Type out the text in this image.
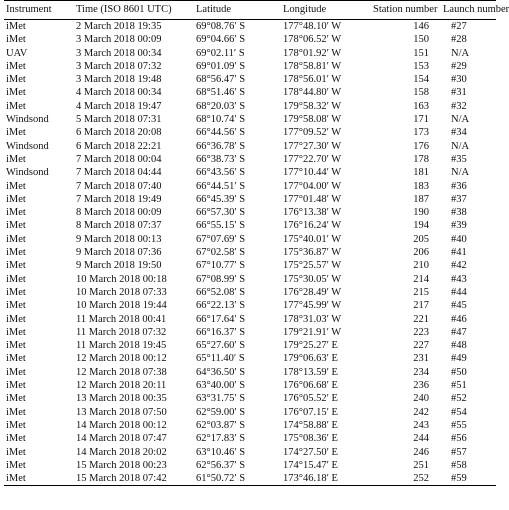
Instrument	Time (ISO 8601 UTC)	Latitude	Longitude	Station number	Launch number
iMet	2 March 2018 19:35	69°08.76′ S	177°48.10′ W	146	#27
iMet	3 March 2018 00:09	69°04.66′ S	178°06.52′ W	150	#28
UAV	3 March 2018 00:34	69°02.11′ S	178°01.92′ W	151	N/A
iMet	3 March 2018 07:32	69°01.09′ S	178°58.81′ W	153	#29
iMet	3 March 2018 19:48	68°56.47′ S	178°56.01′ W	154	#30
iMet	4 March 2018 00:34	68°51.46′ S	178°44.80′ W	158	#31
iMet	4 March 2018 19:47	68°20.03′ S	179°58.32′ W	163	#32
Windsond	5 March 2018 07:31	68°10.74′ S	179°58.08′ W	171	N/A
iMet	6 March 2018 20:08	66°44.56′ S	177°09.52′ W	173	#34
Windsond	6 March 2018 22:21	66°36.78′ S	177°27.30′ W	176	N/A
iMet	7 March 2018 00:04	66°38.73′ S	177°22.70′ W	178	#35
Windsond	7 March 2018 04:44	66°43.56′ S	177°10.44′ W	181	N/A
iMet	7 March 2018 07:40	66°44.51′ S	177°04.00′ W	183	#36
iMet	7 March 2018 19:49	66°45.39′ S	177°01.48′ W	187	#37
iMet	8 March 2018 00:09	66°57.30′ S	176°13.38′ W	190	#38
iMet	8 March 2018 07:37	66°55.15′ S	176°16.24′ W	194	#39
iMet	9 March 2018 00:13	67°07.69′ S	175°40.01′ W	205	#40
iMet	9 March 2018 07:36	67°02.58′ S	175°36.87′ W	206	#41
iMet	9 March 2018 19:50	67°10.77′ S	175°25.57′ W	210	#42
iMet	10 March 2018 00:18	67°08.99′ S	175°30.05′ W	214	#43
iMet	10 March 2018 07:33	66°52.08′ S	176°28.49′ W	215	#44
iMet	10 March 2018 19:44	66°22.13′ S	177°45.99′ W	217	#45
iMet	11 March 2018 00:41	66°17.64′ S	178°31.03′ W	221	#46
iMet	11 March 2018 07:32	66°16.37′ S	179°21.91′ W	223	#47
iMet	11 March 2018 19:45	65°27.60′ S	179°25.27′ E	227	#48
iMet	12 March 2018 00:12	65°11.40′ S	179°06.63′ E	231	#49
iMet	12 March 2018 07:38	64°36.50′ S	178°13.59′ E	234	#50
iMet	12 March 2018 20:11	63°40.00′ S	176°06.68′ E	236	#51
iMet	13 March 2018 00:35	63°31.75′ S	176°05.52′ E	240	#52
iMet	13 March 2018 07:50	62°59.00′ S	176°07.15′ E	242	#54
iMet	14 March 2018 00:12	62°03.87′ S	174°58.88′ E	243	#55
iMet	14 March 2018 07:47	62°17.83′ S	175°08.36′ E	244	#56
iMet	14 March 2018 20:02	63°10.46′ S	174°27.50′ E	246	#57
iMet	15 March 2018 00:23	62°56.37′ S	174°15.47′ E	251	#58
iMet	15 March 2018 07:42	61°50.72′ S	173°46.18′ E	252	#59
